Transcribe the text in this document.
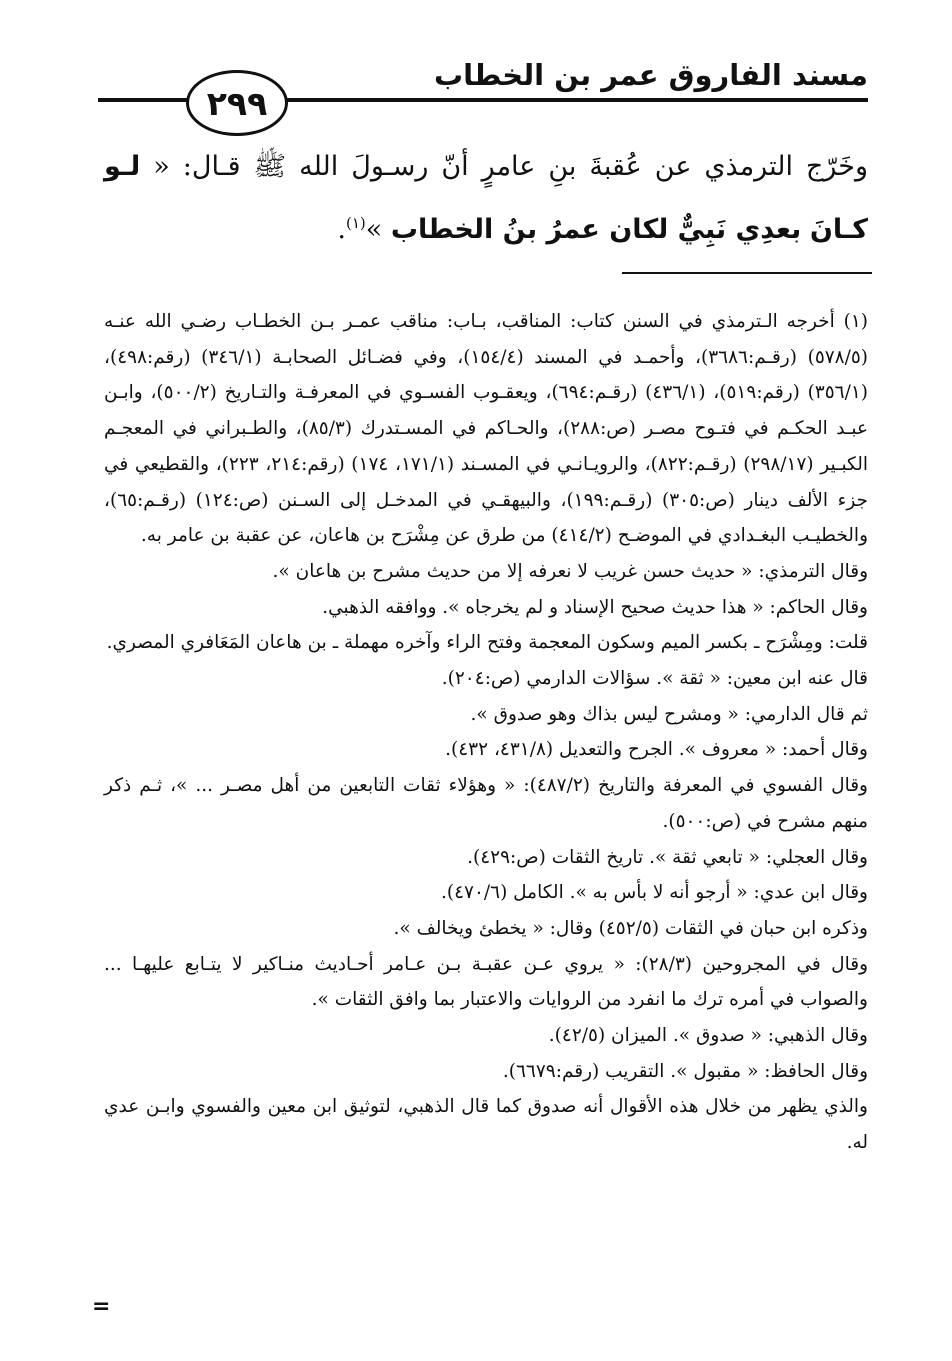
مسند الفاروق عمر بن الخطاب
٢٩٩
وخَرّج الترمذي عن عُقبةَ بنِ عامرٍ أنّ رسـولَ الله ﷺ قـال: « لـو كـانَ بعدِي نَبِيٌّ لكان عمرُ بنُ الخطاب »$^{(١)}$.

(١) أخرجه الـترمذي في السنن كتاب: المناقب، بـاب: مناقب عمـر بـن الخطـاب رضـي الله عنـه (٥٧٨/٥) (رقـم:٣٦٨٦)، وأحمـد في المسند (١٥٤/٤)، وفي فضـائل الصحابـة (٣٤٦/١) (رقم:٤٩٨)، (٣٥٦/١) (رقم:٥١٩)، (٤٣٦/١) (رقـم:٦٩٤)، ويعقـوب الفسـوي في المعرفـة والتـاريخ (٥٠٠/٢)، وابـن عبـد الحكـم في فتـوح مصـر (ص:٢٨٨)، والحـاكم في المسـتدرك (٨٥/٣)، والطـبراني في المعجـم الكبـير (٢٩٨/١٧) (رقـم:٨٢٢)، والرويـانـي في المسـند (١٧١/١، ١٧٤) (رقم:٢١٤، ٢٢٣)، والقطيعي في جزء الألف دينار (ص:٣٠٥) (رقـم:١٩٩)، والبيهقـي في المدخـل إلى السـنن (ص:١٢٤) (رقـم:٦٥)، والخطيـب البغـدادي في الموضـح (٤١٤/٢) من طرق عن مِشْرَح بن هاعان، عن عقبة بن عامر به.

وقال الترمذي: « حديث حسن غريب لا نعرفه إلا من حديث مشرح بن هاعان ».

وقال الحاكم: « هذا حديث صحيح الإسناد و لم يخرجاه ». ووافقه الذهبي.

قلت: ومِشْرَح ـ بكسر الميم وسكون المعجمة وفتح الراء وآخره مهملة ـ بن هاعان المَعَافري المصري.

قال عنه ابن معين: « ثقة ». سؤالات الدارمي (ص:٢٠٤).

ثم قال الدارمي: « ومشرح ليس بذاك وهو صدوق ».

وقال أحمد: « معروف ». الجرح والتعديل (٤٣١/٨، ٤٣٢).

وقال الفسوي في المعرفة والتاريخ (٤٨٧/٢): « وهؤلاء ثقات التابعين من أهل مصـر ... »، ثـم ذكر منهم مشرح في (ص:٥٠٠).

وقال العجلي: « تابعي ثقة ». تاريخ الثقات (ص:٤٢٩).

وقال ابن عدي: « أرجو أنه لا بأس به ». الكامل (٤٧٠/٦).

وذكره ابن حبان في الثقات (٤٥٢/٥) وقال: « يخطئ ويخالف ».

وقال في المجروحين (٢٨/٣): « يروي عـن عقبـة بـن عـامر أحـاديث منـاكير لا يتـابع عليهـا ... والصواب في أمره ترك ما انفرد من الروايات والاعتبار بما وافق الثقات ».

وقال الذهبي: « صدوق ». الميزان (٤٢/٥).

وقال الحافظ: « مقبول ». التقريب (رقم:٦٦٧٩).

والذي يظهر من خلال هذه الأقوال أنه صدوق كما قال الذهبي، لتوثيق ابن معين والفسوي وابـن عدي له.

=
